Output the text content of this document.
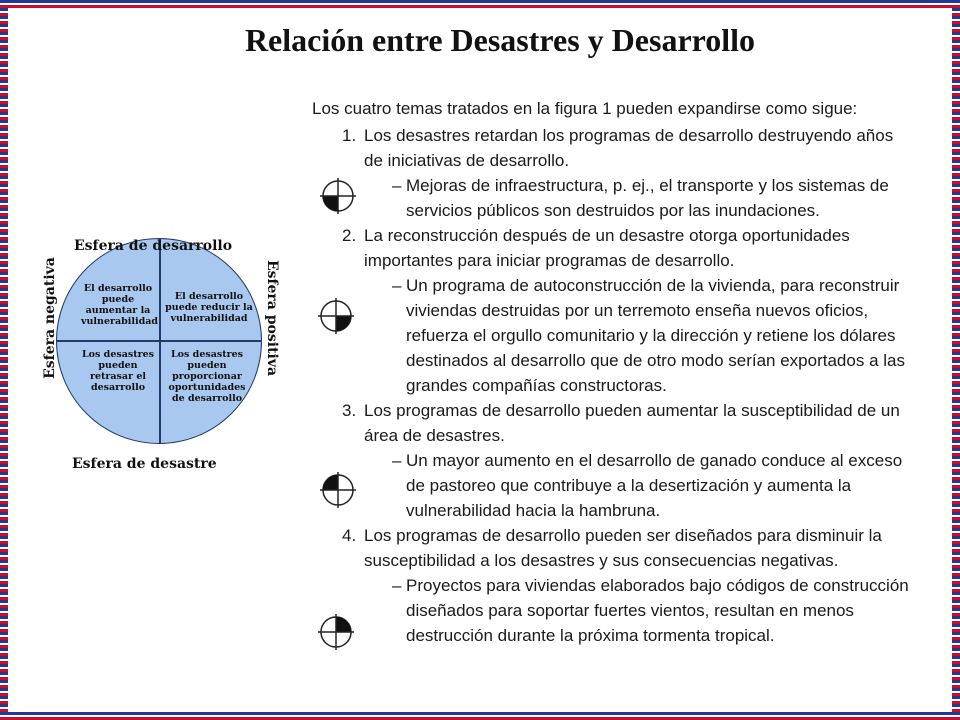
Relación entre Desastres y Desarrollo
El desarrollo puede aumentar la vulnerabilidad
El desarrollo puede reducir la vulnerabilidad
Los desastres pueden retrasar el desarrollo
Los desastres pueden proporcionar oportunidades de desarrollo
Esfera de desarrollo
Esfera de desastre
Esfera negativa	Esfera positiva

Los cuatro temas tratados en la figura 1 pueden expandirse como sigue:

1. Los desastres retardan los programas de desarrollo destruyendo años de iniciativas de desarrollo.
– Mejoras de infraestructura, p. ej., el transporte y los sistemas de servicios públicos son destruidos por las inundaciones.
2. La reconstrucción después de un desastre otorga oportunidades importantes para iniciar programas de desarrollo.
– Un programa de autoconstrucción de la vivienda, para reconstruir viviendas destruidas por un terremoto enseña nuevos oficios, refuerza el orgullo comunitario y la dirección y retiene los dólares destinados al desarrollo que de otro modo serían exportados a las grandes compañías constructoras.
3. Los programas de desarrollo pueden aumentar la susceptibilidad de un área de desastres.
– Un mayor aumento en el desarrollo de ganado conduce al exceso de pastoreo que contribuye a la desertización y aumenta la vulnerabilidad hacia la hambruna.
4. Los programas de desarrollo pueden ser diseñados para disminuir la susceptibilidad a los desastres y sus consecuencias negativas.
– Proyectos para viviendas elaborados bajo códigos de construcción diseñados para soportar fuertes vientos, resultan en menos destrucción durante la próxima tormenta tropical.
